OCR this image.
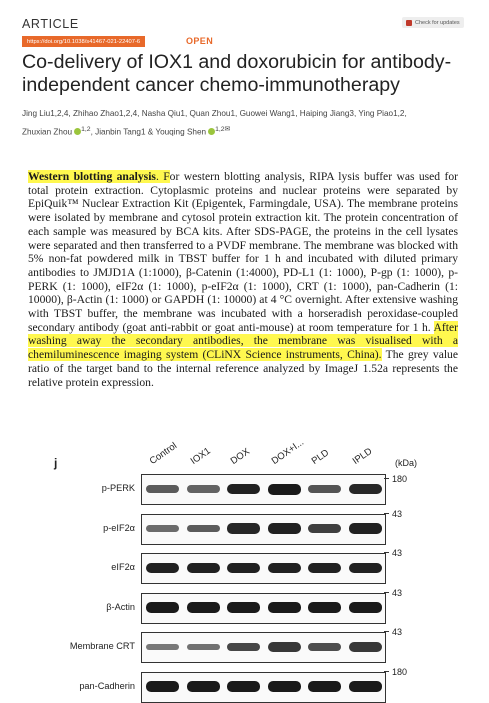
ARTICLE	Check for updates
https://doi.org/10.1038/s41467-021-22407-6	OPEN
Co-delivery of IOX1 and doxorubicin for antibody-independent cancer chemo-immunotherapy
Jing Liu1,2,4, Zhihao Zhao1,2,4, Nasha Qiu1, Quan Zhou1, Guowei Wang1, Haiping Jiang3, Ying Piao1,2,
Zhuxian Zhou $^{1,2}$, Jianbin Tang1 & Youqing Shen $^{1,2✉}$
Western blotting analysis. For western blotting analysis, RIPA lysis buffer was used for total protein extraction. Cytoplasmic proteins and nuclear proteins were separated by EpiQuik™ Nuclear Extraction Kit (Epigentek, Farmingdale, USA). The membrane proteins were isolated by membrane and cytosol protein extraction kit. The protein concentration of each sample was measured by BCA kits. After SDS-PAGE, the proteins in the cell lysates were separated and then transferred to a PVDF membrane. The membrane was blocked with 5% non-fat powdered milk in TBST buffer for 1 h and incubated with diluted primary antibodies to JMJD1A (1:1000), β-Catenin (1:4000), PD-L1 (1: 1000), P-gp (1: 1000), p-PERK (1: 1000), eIF2α (1: 1000), p-eIF2α (1: 1000), CRT (1: 1000), pan-Cadherin (1: 10000), β-Actin (1: 1000) or GAPDH (1: 10000) at 4 °C overnight. After extensive washing with TBST buffer, the membrane was incubated with a horseradish peroxidase-coupled secondary antibody (goat anti-rabbit or goat anti-mouse) at room temperature for 1 h. After washing away the secondary antibodies, the membrane was visualised with a chemiluminescence imaging system (CLiNX Science instruments, China). The grey value ratio of the target band to the internal reference analyzed by ImageJ 1.52a represents the relative protein expression.
j	(kDa)
Control IOX1 DOX DOX+I... PLD IPLD
p-PERK
180
p-eIF2α
43
eIF2α
43
β-Actin
43
Membrane CRT
43
pan-Cadherin
180
